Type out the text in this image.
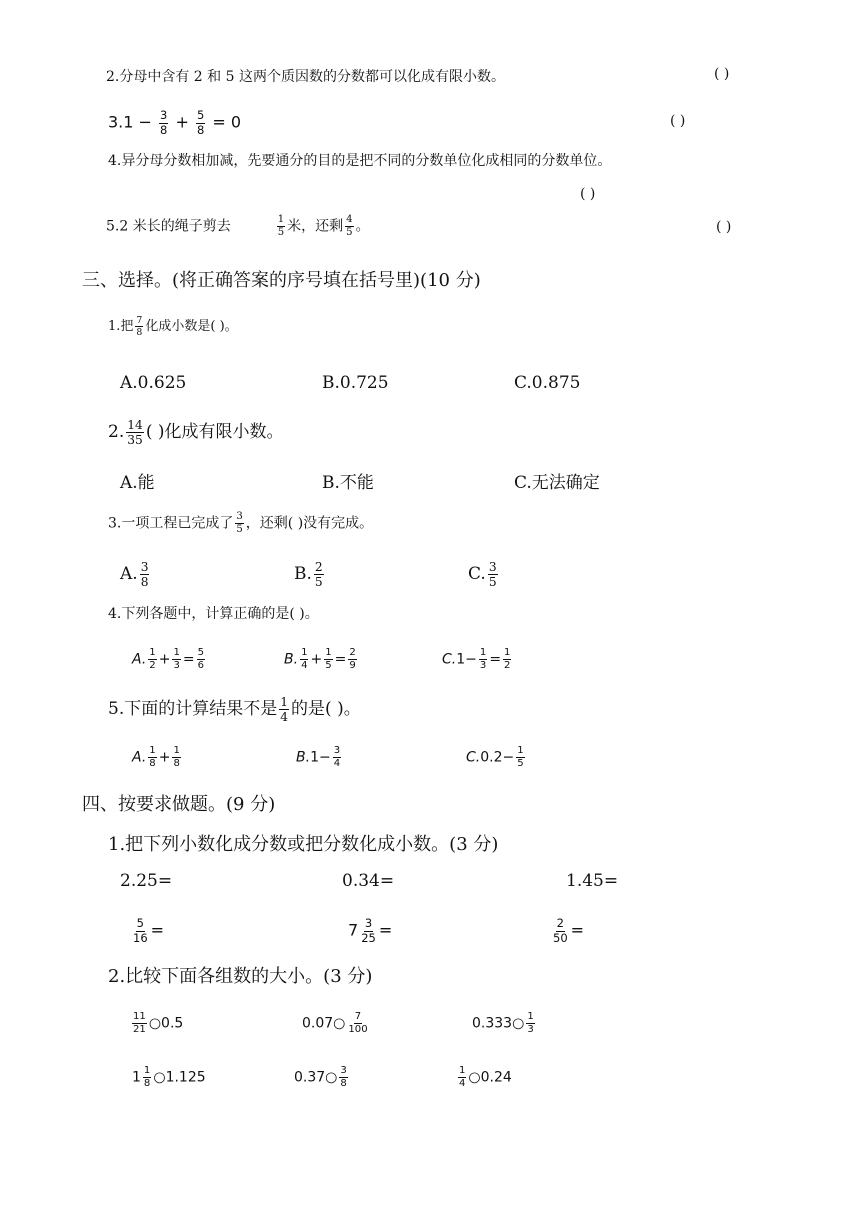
2.分母中含有 2 和 5 这两个质因数的分数都可以化成有限小数。	( )
$3.1 - \frac{3}{8} + \frac{5}{8} = 0$	( )
4.异分母分数相加减，先要通分的目的是把不同的分数单位化成相同的分数单位。
( )
5.2 米长的绳子剪去	$\frac{1}{5}$ 米，还剩 $\frac{4}{5}$ 。	( )
三、选择。(将正确答案的序号填在括号里)(10 分)
1.把 $\frac{7}{8}$ 化成小数是( )。
A.0.625	B.0.725	C.0.875
2. $\frac{14}{35}$ ( )化成有限小数。
A.能	B.不能	C.无法确定
3.一项工程已完成了 $\frac{3}{5}$ ，还剩( )没有完成。
A. $\frac{3}{8}$	B. $\frac{2}{5}$	C. $\frac{3}{5}$
4.下列各题中，计算正确的是( )。
A. $\frac{1}{2} + \frac{1}{3} = \frac{5}{6}$	B. $\frac{1}{4} + \frac{1}{5} = \frac{2}{9}$	$C.1- \frac{1}{3} = \frac{1}{2}$
5.下面的计算结果不是 $\frac{1}{4}$ 的是( )。
A. $\frac{1}{8} + \frac{1}{8}$	$B.1- \frac{3}{4}$	$C.0.2- \frac{1}{5}$
四、按要求做题。(9 分)
1.把下列小数化成分数或把分数化成小数。(3 分)
2.25=	0.34=	1.45=
$\frac{5}{16}$ =	$7 \frac{3}{25}$ =	$\frac{2}{50}$ =
2.比较下面各组数的大小。(3 分)
$\frac{11}{21}$ ○0.5	0.07○ $\frac{7}{100}$	0.333○ $\frac{1}{3}$
$1 \frac{1}{8}$ ○1.125	0.37○ $\frac{3}{8}$	$\frac{1}{4}$ ○0.24
